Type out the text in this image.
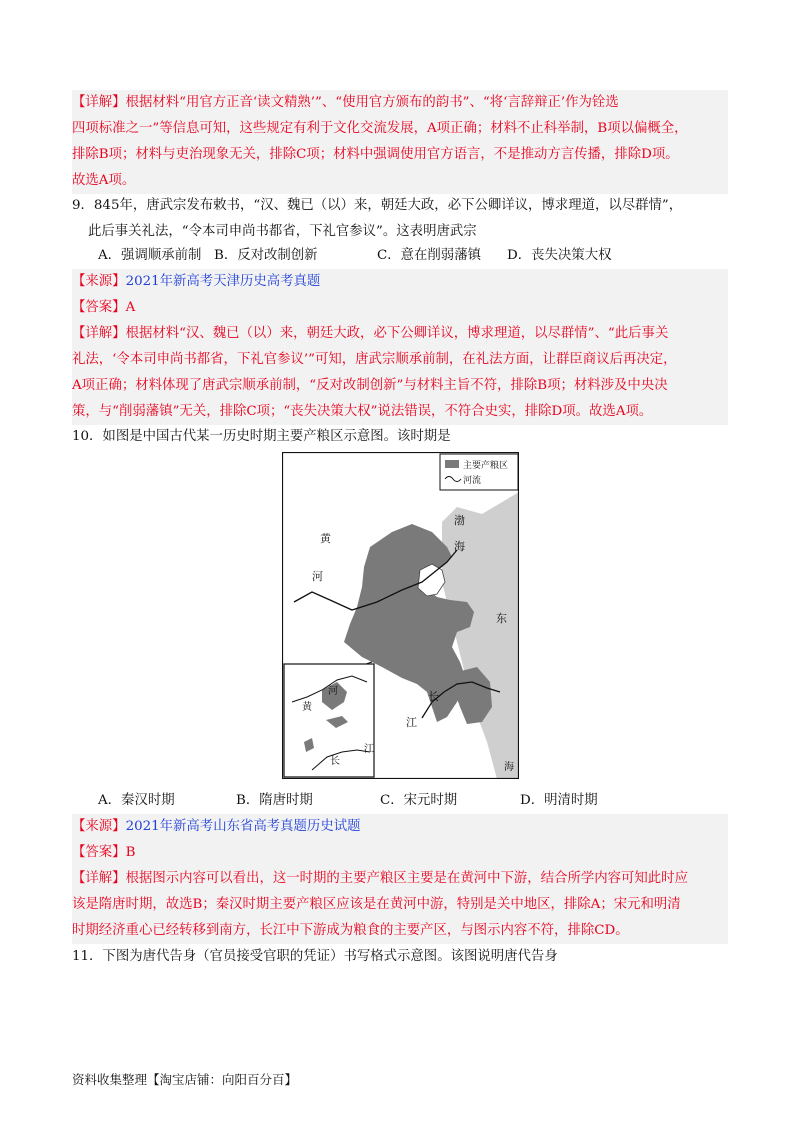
【详解】根据材料“用官方正音‘读文精熟’”、“使用官方颁布的韵书”、“将‘言辞辩正’作为铨选
四项标准之一”等信息可知，这些规定有利于文化交流发展，A项正确；材料不止科举制，B项以偏概全，
排除B项；材料与吏治现象无关，排除C项；材料中强调使用官方语言，不是推动方言传播，排除D项。
故选A项。
9．845年，唐武宗发布敕书，“汉、魏已（以）来，朝廷大政，必下公卿详议，博求理道，以尽群情”，
此后事关礼法，“令本司申尚书都省，下礼官参议”。这表明唐武宗
A．强调顺承前制 B．反对改制创新	C．意在削弱藩镇	D．丧失决策大权
【来源】2021年新高考天津历史高考真题
【答案】A
【详解】根据材料“汉、魏已（以）来，朝廷大政，必下公卿详议，博求理道，以尽群情”、“此后事关
礼法，‘令本司申尚书都省，下礼官参议’”可知，唐武宗顺承前制，在礼法方面，让群臣商议后再决定，
A项正确；材料体现了唐武宗顺承前制，“反对改制创新”与材料主旨不符，排除B项；材料涉及中央决
策，与“削弱藩镇”无关，排除C项；“丧失决策大权”说法错误，不符合史实，排除D项。故选A项。
10．如图是中国古代某一历史时期主要产粮区示意图。该时期是
主要产粮区
河流
黄
河
渤
海
东
长
江
河
黄
长
江
海
A．秦汉时期	B．隋唐时期	C．宋元时期	D．明清时期
【来源】2021年新高考山东省高考真题历史试题
【答案】B
【详解】根据图示内容可以看出，这一时期的主要产粮区主要是在黄河中下游，结合所学内容可知此时应
该是隋唐时期，故选B；秦汉时期主要产粮区应该是在黄河中游，特别是关中地区，排除A；宋元和明清
时期经济重心已经转移到南方，长江中下游成为粮食的主要产区，与图示内容不符，排除CD。
11．下图为唐代告身（官员接受官职的凭证）书写格式示意图。该图说明唐代告身
资料收集整理【淘宝店铺：向阳百分百】
